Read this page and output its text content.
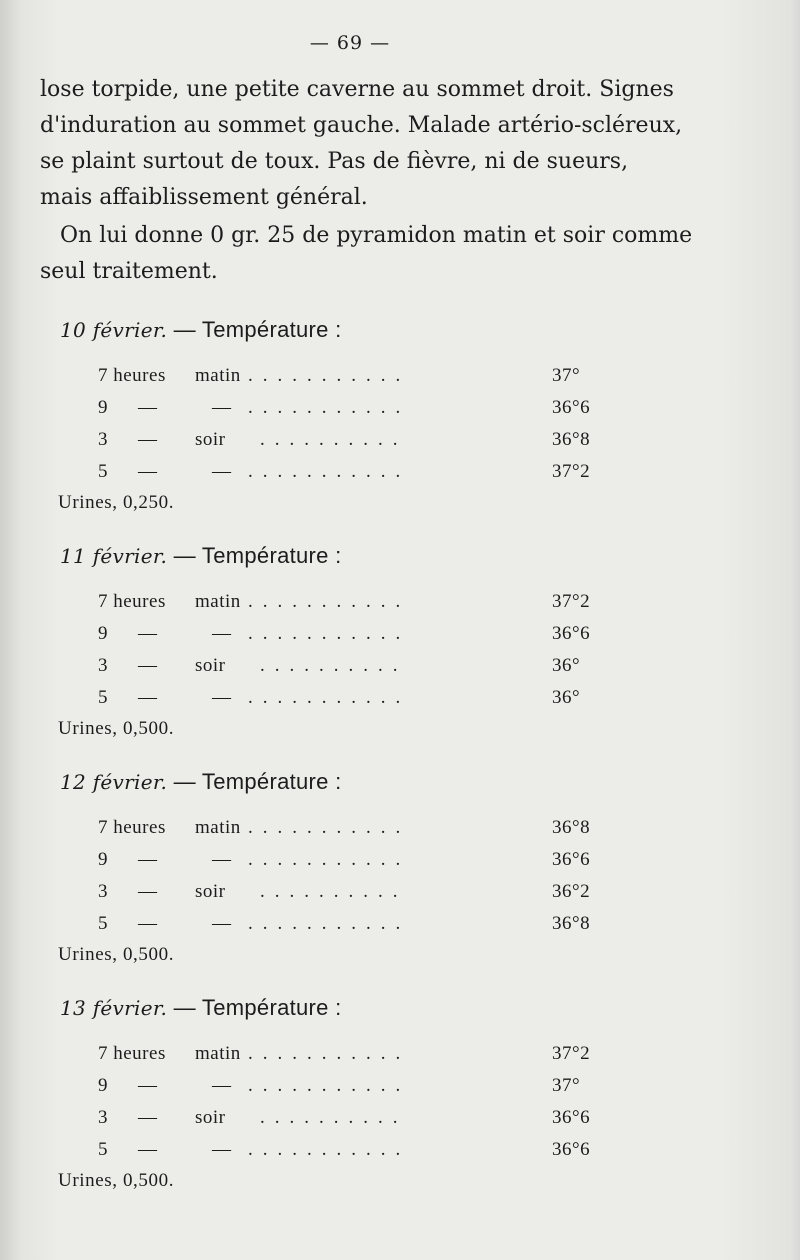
— 69 —
lose torpide, une petite caverne au sommet droit. Signes
d'induration au sommet gauche. Malade artério-scléreux,
se plaint surtout de toux. Pas de fièvre, ni de sueurs,
mais affaiblissement général.
On lui donne 0 gr. 25 de pyramidon matin et soir comme
seul traitement.
10 février. — Température :
7 heures matin ...........	37°
9 —	— ...........	36°6
3 — soir ..........	36°8
5 —	— ...........	37°2
Urines, 0,250.
11 février. — Température :
7 heures matin ...........	37°2
9 —	— ...........	36°6
3 — soir ..........	36°
5 —	— ...........	36°
Urines, 0,500.
12 février. — Température :
7 heures matin ...........	36°8
9 —	— ...........	36°6
3 — soir ..........	36°2
5 —	— ...........	36°8
Urines, 0,500.
13 février. — Température :
7 heures matin ...........	37°2
9 —	— ...........	37°
3 — soir ..........	36°6
5 —	— ...........	36°6
Urines, 0,500.
